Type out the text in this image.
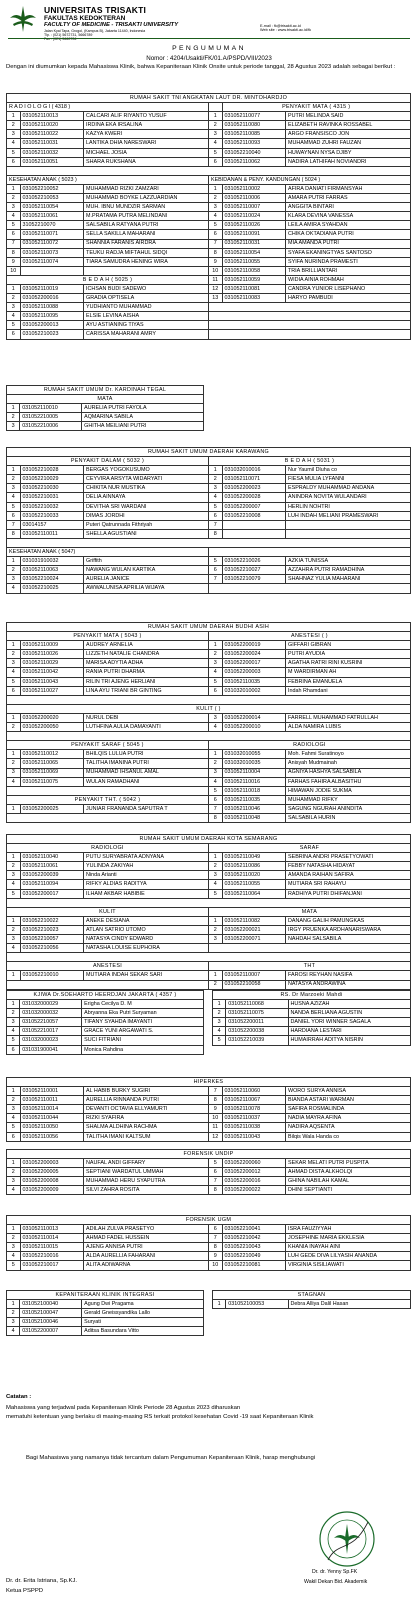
UNIVERSITAS TRISAKTI
FAKULTAS KEDOKTERAN
FACULTY OF MEDICINE - TRISAKTI UNIVERSITY
Jalan Kyai Tapa, Grogol, (Kampus B), Jakarta 11440, Indonesia
Tlp. : (021) 5672731, 5666789
Fax : (021) 5660706
E-mail : fk@trisakti.ac.id
Web site : www.trisakti.ac.id/fk
PENGUMUMAN
Nomor : 4204/Usakti/FK/01.A/PSPD/VIII/2023
Dengan ini diumumkan kepada Mahasiswa Klinik, bahwa Kepaniteraan Klinik Onsite untuk periode tanggal, 28 Agustus 2023 adalah sebagai berikut :
RUMAH SAKIT TNI ANGKATAN LAUT DR. MINTOHARDJO					
R A D I O L O G I ( 4318 )				PENYAKIT MATA ( 4315 )	
1	031052110013	CALCARI ALIF RIYANTO YUSUF	1	031052110077	PUTRI MELINDA SAID
2	031052110020	IRDINA EKA IRSALINA	2	031052110080	ELIZABETH RAVINKA ROSSABEL
3	031052110022	KAZYA KWERI	3	031052110085	ARGO FRANSISCO JON
4	031052110031	LANTIKA DHIA NARESWARI	4	031052110093	MUHAMMAD ZUHRI FAUZAN
5	031052110032	MICHAEL JOSIA	5	031052210040	HUWAYNAN NYSA DJIBY
6	031052110051	SHARA RUKSHANA	6	031052110062	NADIRA LATHIFAH NOVIANDRI

KESEHATAN ANAK ( 5023 )			KEBIDANAN & PENY. KANDUNGAN ( 5024 )		
1	031052210052	MUHAMMAD RIZKI ZAMZARI	1	031052110002	AFIRA DANIATI FIRMANSYAH
2	031052210053	MUHAMMAD BOYKE LAZZUARDIAN	2	031052110006	AMARA PUTRI FARRAS
3	031052110054	MUH. IBNU MUNDZIR SARMAN	3	031052110007	ANGGITA BINTARI
4	031052110061	M.PRATAMA PUTRA MELINDANI	4	031052110024	KLARA DEVINA VANESSA
5	31052210070	SALSABILA RATYANA PUTRI	5	031052110026	LEILA AMIRA SYAHDAN
6	031052110071	SELLA SAKILLA MAHARANI	6	031052110091	CHIKA OKTADIANA PUTRI
7	031052110072	SHANNIA FARANIS AIRDRA	7	031052110031	MIA AMANDA PUTRI
8	031052110073	TEUKU RADJA MIFTAHUL SIDQI	8	031052110054	SYAFA EKANINGTYAS SANTOSO
9	031052110074	TIARA SAMUDRA HENING WIRA	9	031052110055	SYIFA NURINDA PRAMESTI
10			10	031052110058	TRIA BRILLIANTARI
B E D A H ( 5025 )			11	031052110059	WIDIA AINIA ROHMAH
1	031052110019	ICHSAN BUDI SADEWO	12	031052110081	CANDRA YUNIOR LISEPHANO
2	031052200016	GRADIA OPTISELA	13	031052110083	HARYO PAMBUDI
3	031052110088	YUDHIANTO MUHAMMAD			
4	031052110095	ELSIE LEVINA AISHA			
5	031052200013	AYU ASTIANING TIYAS			
6	031052210023	CARISSA MAHARANI AMRY			
RUMAH SAKIT UMUM Dr. KARDINAH TEGAL		
MATA		
1	031052110010	AURELIA PUTRI FAYOLA
2	031052210005	AQMARINA SABILA
3	031052210006	GHITHA MEILIANI PUTRI
RUMAH SAKIT UMUM DAERAH KARAWANG					
PENYAKIT DALAM ( 5032 )			B E D A H ( 5031 )		
1	031052210028	BERGAS YOGOKUSUMO	1	031032010016	Nur Yaumil Dluha co
2	031052210029	CEYVIRA ARSYTA WIDARYATI	2	031052110071	FIESA MULIA LYFANNI
3	031052210030	CHIKITA NUR MUSTIKA	3	031052200023	ESPRALDY MUHAMMAD ANDANA
4	031052210031	DELIA AINNAYA	4	031052200028	ANINDRA NOVITA WULANDARI
5	031052210032	DEVITHA SRI WARDANI	5	031052200007	HERLIN NOHTRI
6	031052210033	DIMAS JORDHI	6	031052210008	LUH INDAH MELIANI PRAMESWARI
7	03014157	Puteri Qatrunnada Fithriyah	7		
8	031052110011	SHELLA AGUSTIANI	8		

KESEHATAN ANAK ( 5047)					
1	031031910032	Griffith	5	031052210026	AZKIA TUNISSA
2	031052110063	NAWANG WULAN KARTIKA	6	031052210027	AZZAHRA PUTRI RAMADHINA
3	031052210024	AURELIA JANICE	7	031052210079	SHAHNAZ YULIA MAHARANI
4	031052210025	AWWALUNISA APRILIA WIJAYA			
RUMAH SAKIT UMUM DAERAH BUDHI ASIH					
PENYAKIT MATA ( 5043 )			ANESTESI ( )		
1	031052110009	AUDREY ARNELIA	1	031052200019	GIFFARI GIBRAN
2	031052110026	LIZZETH NATALIE CHANDRA	2	031052200024	PUTRI AYUDIA
3	031052110029	MARISA ADYTIA ADHA	3	031052200017	AGATHA RATRI RINI KUSRINI
4	031052110042	RANIA PUTRI DHARMA	4	031052200003	M WARDIRMAN AH
5	031052110043	RILIN TRI AJENG HERLIANI	5	031052110035	FEBRINA EMANUELA
6	031052110027	LINA AYU TRIANI BR GINTING	6	031032010002	Indah Rhamdani

KULIT ( )					
1	031052200020	NURUL DEBI	3	031052200014	FARRELL MUHAMMAD FATRULLAH
2	031052200050	LUTHFINA AULIA DAMAYANTI	4	031052200010	ALDA NAMIRA LUBIS

PENYAKIT SARAF ( 5045 )			RADIOLOGI		
1	031052110012	BHILQIS LULUA PUTRI	1	031032010055	Moh. Fahmi Suratinoyo
2	031052110065	TALITHA IMANINA PUTRI	2	031032010035	Anisyah Mudmainah
3	031052110069	MUHAMMAD IHSANUL AMAL	3	031052110004	AGNIYA HASHYA SALSABILA
4	031052110075	WULAN RAMADHANI	4	031052110016	FARHAS FAHIRA ALBASITHU
			5	031052110018	HIMAWAN JODIE SUKMA
PENYAKIT THT. ( 5042 )			6	031052110035	MUHAMMAD RIFKY
1	031052200025	JUNIAR FRANANDA SAPUTRA T	7	031052110046	SAGUNG NGURAH ANINDITA
			8	031052110048	SALSABILA HURIN
RUMAH SAKIT UMUM DAERAH KOTA SEMARANG					
RADIOLOGI			SARAF		
1	031052110040	PUTU SURYABRATA ADNYANA	1	031052110049	SEBRINA ANDRI PRASETYOWATI
2	031052110061	YULINDA ZAKIYAH	2	031052110086	FEBBY NATASHA HIDAYAT
3	031052200039	Ninda Arianti	3	031052110020	AMANDA RAIHAN SAFIRA
4	031052110094	RIFKY ALDIAS RADITYA	4	031052110055	MUTIARA SRI RAHAYU
5	031052200017	ILHAM AKBAR HABIBIE	5	031052110064	RADHIYA PUTRI DHIFANJANI

KULIT			MATA		
1	031052210022	ANEKE DESIANA	1	031052110082	DANANG GALIH PAMUNGKAS
2	031052210023	ATLAN SATRIO UTOMO	2	031052200021	IRGY PRUENKA ARDHANARISWARA
3	031052210057	NATASYA CINDY EDWARD	3	031052200071	NAHDAH SALSABILA
4	031052210056	NATASHA LOUISE EUPHORA			

ANESTESI			THT		
1	031052210010	MUTIARA INDAH SEKAR SARI	1	031052110007	FAROSI REYHAN NASIFA
			2	031052210058	NATASYA ANDRAWINA
KJIWA Dr.SOEHARTO HEERDJAN JAKARTA ( 4357 )		
1	031032000029	Erigha Cecilya D. M
2	031032000032	Abryanna Eka Putri Suryaman
3	031052210057	TIFANY SYAHDA IMAYANTI
4	031052210017	GRACE YUNI ARGAWATI S.
5	031032000023	SUCI FITRIANI
6	031031900041	Monica Rahdina
RS. Dr Marzoeki Mahdi		
1	031052110068	HUSNA AZIZAH
2	031052110075	NANDA BERLIANA AGUSTIN
3	031052200011	DANIEL YORI WINNER SAGALA
4	031052200038	HARDIANA LESTARI
5	031052210039	HUMAIRRAH ADITYA NISRIN
HIPERKES					
1	031052110001	AL HABIB BURKY SUGIRI	7	031052110060	WORO SURYA ANNISA
2	031052110011	AURELLIA RINNANDA PUTRI	8	031052110067	BIANDA ASTARI WARMAN
3	031052110014	DEVANTI OCTAVIA ELLYAMURTI	9	031052110078	SAFIRA ROSMALINDA
4	031052110044	RIZKI SYAFIRA	10	031052110037	NADIA MAYRA AFINA
5	031052110050	SHALMA ALDHINA RACHMA	11	031052110038	NADIRA AQSENTA
6	031052110056	TALITHA IMANI KALTSUM	12	031052110043	Bilqis Wala Handa co
FORENSIK UNDIP					
1	031052200003	NAUFAL ANDI GIFFARY	5	031052200060	SEKAR MELATI PUTRI PUSPITA
2	031052200005	SEPTIANI WARDATUL UMMAH	6	031052200012	AHMAD DISTA ALKHOLQI
3	031052200008	MUHAMMAD HERU SYAPUTRA	7	031052200016	GHINA NABILAH KAMAL
4	031052200009	SILVI ZAHRA ROSITA	8	031052200022	DHINI SEPTIANTI
FORENSIK UGM					
1	031052110013	ADILAH ZULVA PRASETYO	6	031052210041	ISRA FAUZIYYAH
2	031052110014	AHMAD FADEL HUSSEIN	7	031052210042	JOSEPHINE MARIA EKKLESIA
3	031052110015	AJENG ANNISA PUTRI	8	031052210043	KHANIA INAYAH AINI
4	031052210016	ALDA AURELLIA FAHARANI	9	031052210049	LUH GEDE DIVA LILYASIH ANANDA
5	031052210017	ALITA ADIWARNA	10	031052210081	VIRGINIA SISILIAWATI
KEPANITERAAN KLINIK INTEGRASI		
1	031052100040	Agung Dwi Pragama
2	031052100047	Gerald Gneissyandika Lallo
3	031052100046	Suryati
4	031052200007	Aditsa Basundara Vitto
STAGNAN
1	031052100053	Debra Alliya Dalil Hasan
Catatan :
Mahasiswa yang terjadwal pada Kepaniteraan Klinik Periode 28 Agustus 2023 diharuskan
mematuhi ketentuan yang berlaku di masing-masing RS terkait protokol kesehatan Covid -19 saat Kepaniteraan Klinik
Bagi Mahasiswa yang namanya tidak tercantum dalam Pengumuman Kepaniteraan Klinik, harap menghubungi
Dr. dr. Erita Istriana, Sp.KJ.
Ketua PSPPD
Dr. dr. Yenny Sp.FK
Wakil Dekan Bid. Akademik
